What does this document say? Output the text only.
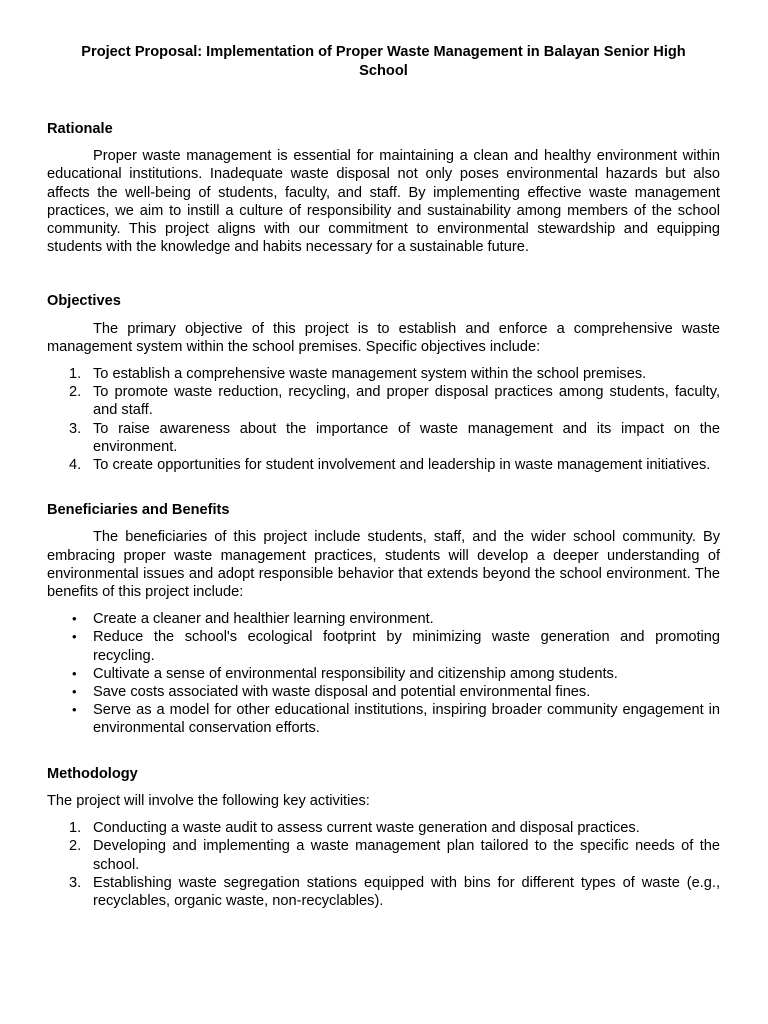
Project Proposal: Implementation of Proper Waste Management in Balayan Senior High School
Rationale

Proper waste management is essential for maintaining a clean and healthy environment within educational institutions. Inadequate waste disposal not only poses environmental hazards but also affects the well-being of students, faculty, and staff. By implementing effective waste management practices, we aim to instill a culture of responsibility and sustainability among members of the school community. This project aligns with our commitment to environmental stewardship and equipping students with the knowledge and habits necessary for a sustainable future.

Objectives

The primary objective of this project is to establish and enforce a comprehensive waste management system within the school premises. Specific objectives include:

1. To establish a comprehensive waste management system within the school premises.
2. To promote waste reduction, recycling, and proper disposal practices among students, faculty, and staff.
3. To raise awareness about the importance of waste management and its impact on the environment.
4. To create opportunities for student involvement and leadership in waste management initiatives.
Beneficiaries and Benefits

The beneficiaries of this project include students, staff, and the wider school community. By embracing proper waste management practices, students will develop a deeper understanding of environmental issues and adopt responsible behavior that extends beyond the school environment. The benefits of this project include:

• Create a cleaner and healthier learning environment.
• Reduce the school's ecological footprint by minimizing waste generation and promoting recycling.
• Cultivate a sense of environmental responsibility and citizenship among students.
• Save costs associated with waste disposal and potential environmental fines.
• Serve as a model for other educational institutions, inspiring broader community engagement in environmental conservation efforts.
Methodology

The project will involve the following key activities:

1. Conducting a waste audit to assess current waste generation and disposal practices.
2. Developing and implementing a waste management plan tailored to the specific needs of the school.
3. Establishing waste segregation stations equipped with bins for different types of waste (e.g., recyclables, organic waste, non-recyclables).
